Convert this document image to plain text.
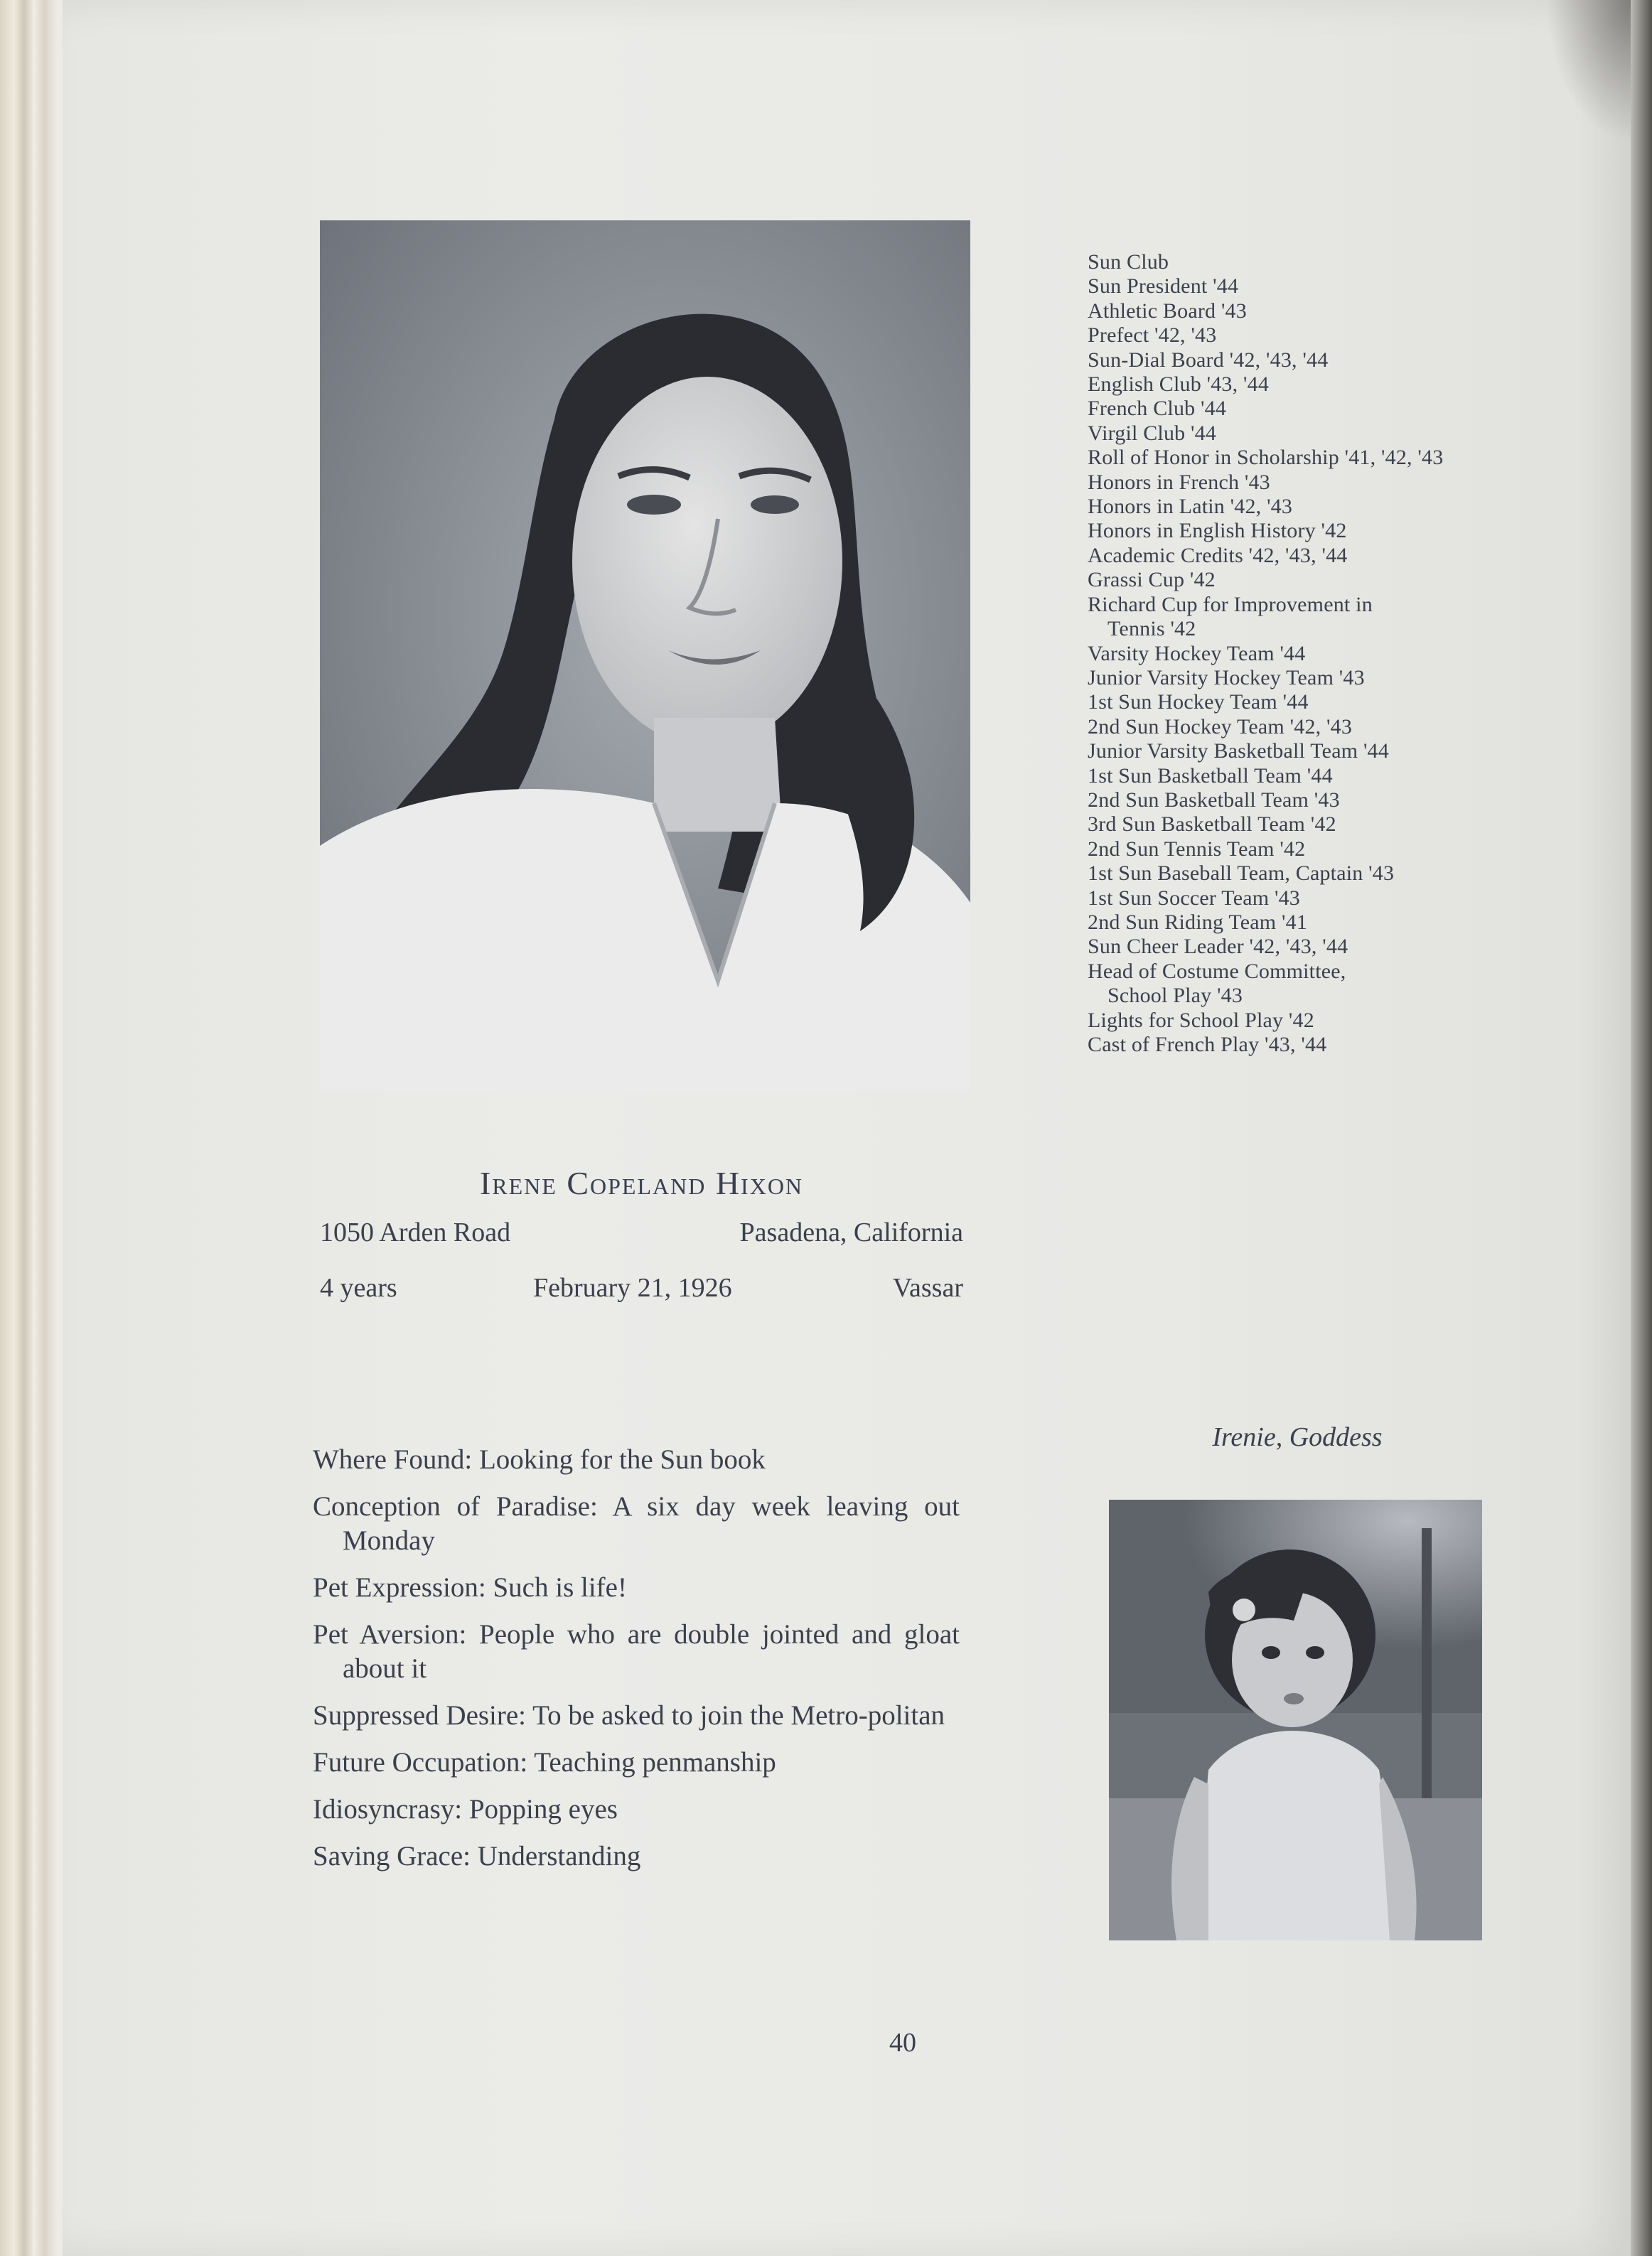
Sun Club
Sun President '44
Athletic Board '43
Prefect '42, '43
Sun-Dial Board '42, '43, '44
English Club '43, '44
French Club '44
Virgil Club '44
Roll of Honor in Scholarship '41, '42, '43
Honors in French '43
Honors in Latin '42, '43
Honors in English History '42
Academic Credits '42, '43, '44
Grassi Cup '42
Richard Cup for Improvement in Tennis '42
Varsity Hockey Team '44
Junior Varsity Hockey Team '43
1st Sun Hockey Team '44
2nd Sun Hockey Team '42, '43
Junior Varsity Basketball Team '44
1st Sun Basketball Team '44
2nd Sun Basketball Team '43
3rd Sun Basketball Team '42
2nd Sun Tennis Team '42
1st Sun Baseball Team, Captain '43
1st Sun Soccer Team '43
2nd Sun Riding Team '41
Sun Cheer Leader '42, '43, '44
Head of Costume Committee, School Play '43
Lights for School Play '42
Cast of French Play '43, '44
Irene Copeland Hixon
1050 Arden Road	Pasadena, California
4 years	February 21, 1926	Vassar
Irenie, Goddess
Where Found: Looking for the Sun book
Conception of Paradise: A six day week leaving out Monday
Pet Expression: Such is life!
Pet Aversion: People who are double jointed and gloat about it
Suppressed Desire: To be asked to join the Metro-politan
Future Occupation: Teaching penmanship
Idiosyncrasy: Popping eyes
Saving Grace: Understanding
40
